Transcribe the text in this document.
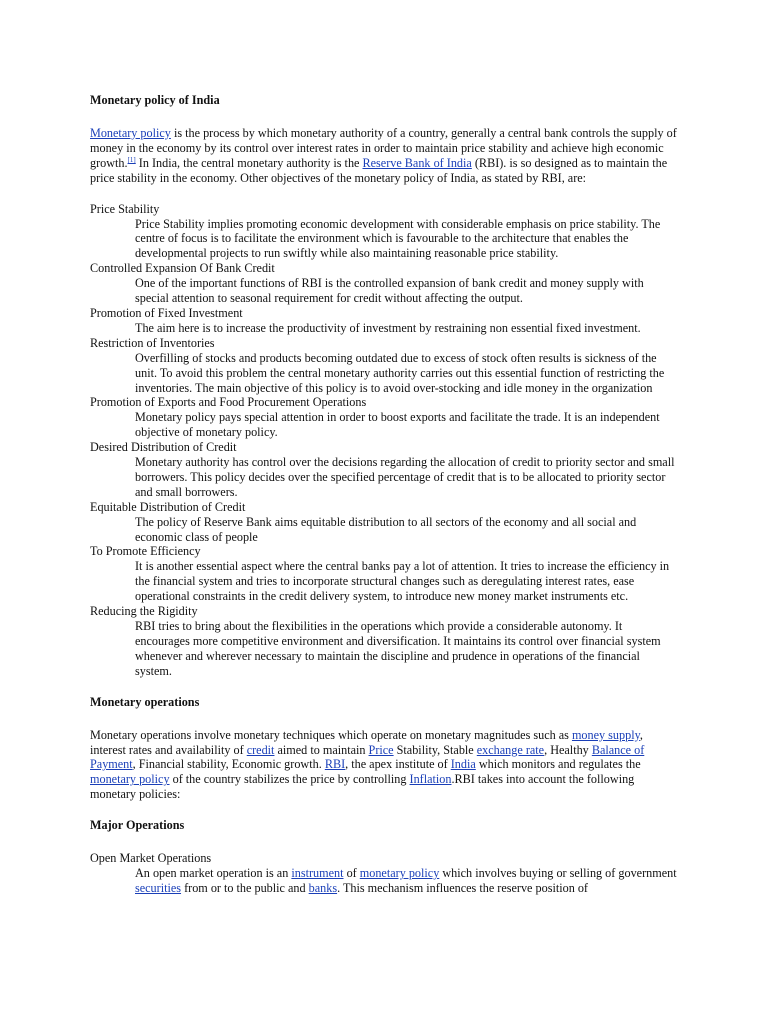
Monetary policy of India

Monetary policy is the process by which monetary authority of a country, generally a central bank controls the supply of money in the economy by its control over interest rates in order to maintain price stability and achieve high economic growth.[1] In India, the central monetary authority is the Reserve Bank of India (RBI). is so designed as to maintain the price stability in the economy. Other objectives of the monetary policy of India, as stated by RBI, are:

Price Stability

Price Stability implies promoting economic development with considerable emphasis on price stability. The centre of focus is to facilitate the environment which is favourable to the architecture that enables the developmental projects to run swiftly while also maintaining reasonable price stability.

Controlled Expansion Of Bank Credit

One of the important functions of RBI is the controlled expansion of bank credit and money supply with special attention to seasonal requirement for credit without affecting the output.

Promotion of Fixed Investment

The aim here is to increase the productivity of investment by restraining non essential fixed investment.

Restriction of Inventories

Overfilling of stocks and products becoming outdated due to excess of stock often results is sickness of the unit. To avoid this problem the central monetary authority carries out this essential function of restricting the inventories. The main objective of this policy is to avoid over-stocking and idle money in the organization

Promotion of Exports and Food Procurement Operations

Monetary policy pays special attention in order to boost exports and facilitate the trade. It is an independent objective of monetary policy.

Desired Distribution of Credit

Monetary authority has control over the decisions regarding the allocation of credit to priority sector and small borrowers. This policy decides over the specified percentage of credit that is to be allocated to priority sector and small borrowers.

Equitable Distribution of Credit

The policy of Reserve Bank aims equitable distribution to all sectors of the economy and all social and economic class of people

To Promote Efficiency

It is another essential aspect where the central banks pay a lot of attention. It tries to increase the efficiency in the financial system and tries to incorporate structural changes such as deregulating interest rates, ease operational constraints in the credit delivery system, to introduce new money market instruments etc.

Reducing the Rigidity

RBI tries to bring about the flexibilities in the operations which provide a considerable autonomy. It encourages more competitive environment and diversification. It maintains its control over financial system whenever and wherever necessary to maintain the discipline and prudence in operations of the financial system.

Monetary operations

Monetary operations involve monetary techniques which operate on monetary magnitudes such as money supply, interest rates and availability of credit aimed to maintain Price Stability, Stable exchange rate, Healthy Balance of Payment, Financial stability, Economic growth. RBI, the apex institute of India which monitors and regulates the monetary policy of the country stabilizes the price by controlling Inflation.RBI takes into account the following monetary policies:

Major Operations

Open Market Operations

An open market operation is an instrument of monetary policy which involves buying or selling of government securities from or to the public and banks. This mechanism influences the reserve position of
